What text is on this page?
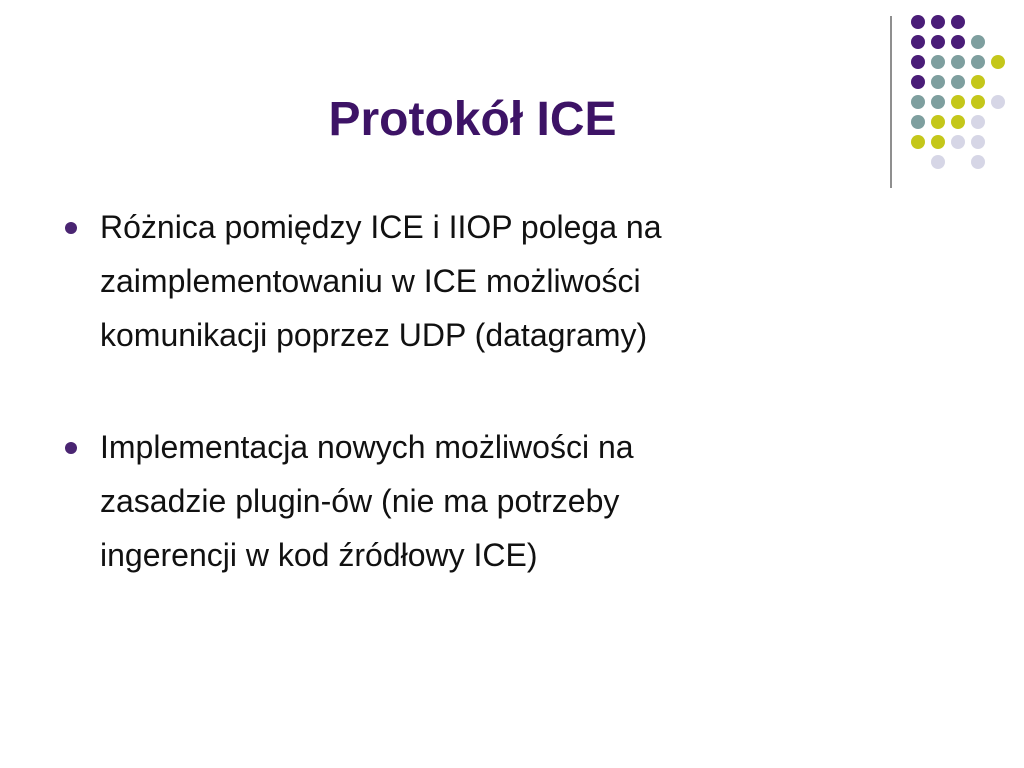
Protokół ICE
Różnica pomiędzy ICE i IIOP polega na
zaimplementowaniu w ICE możliwości
komunikacji poprzez UDP (datagramy)
Implementacja nowych możliwości na
zasadzie plugin-ów (nie ma potrzeby
ingerencji w kod źródłowy ICE)
